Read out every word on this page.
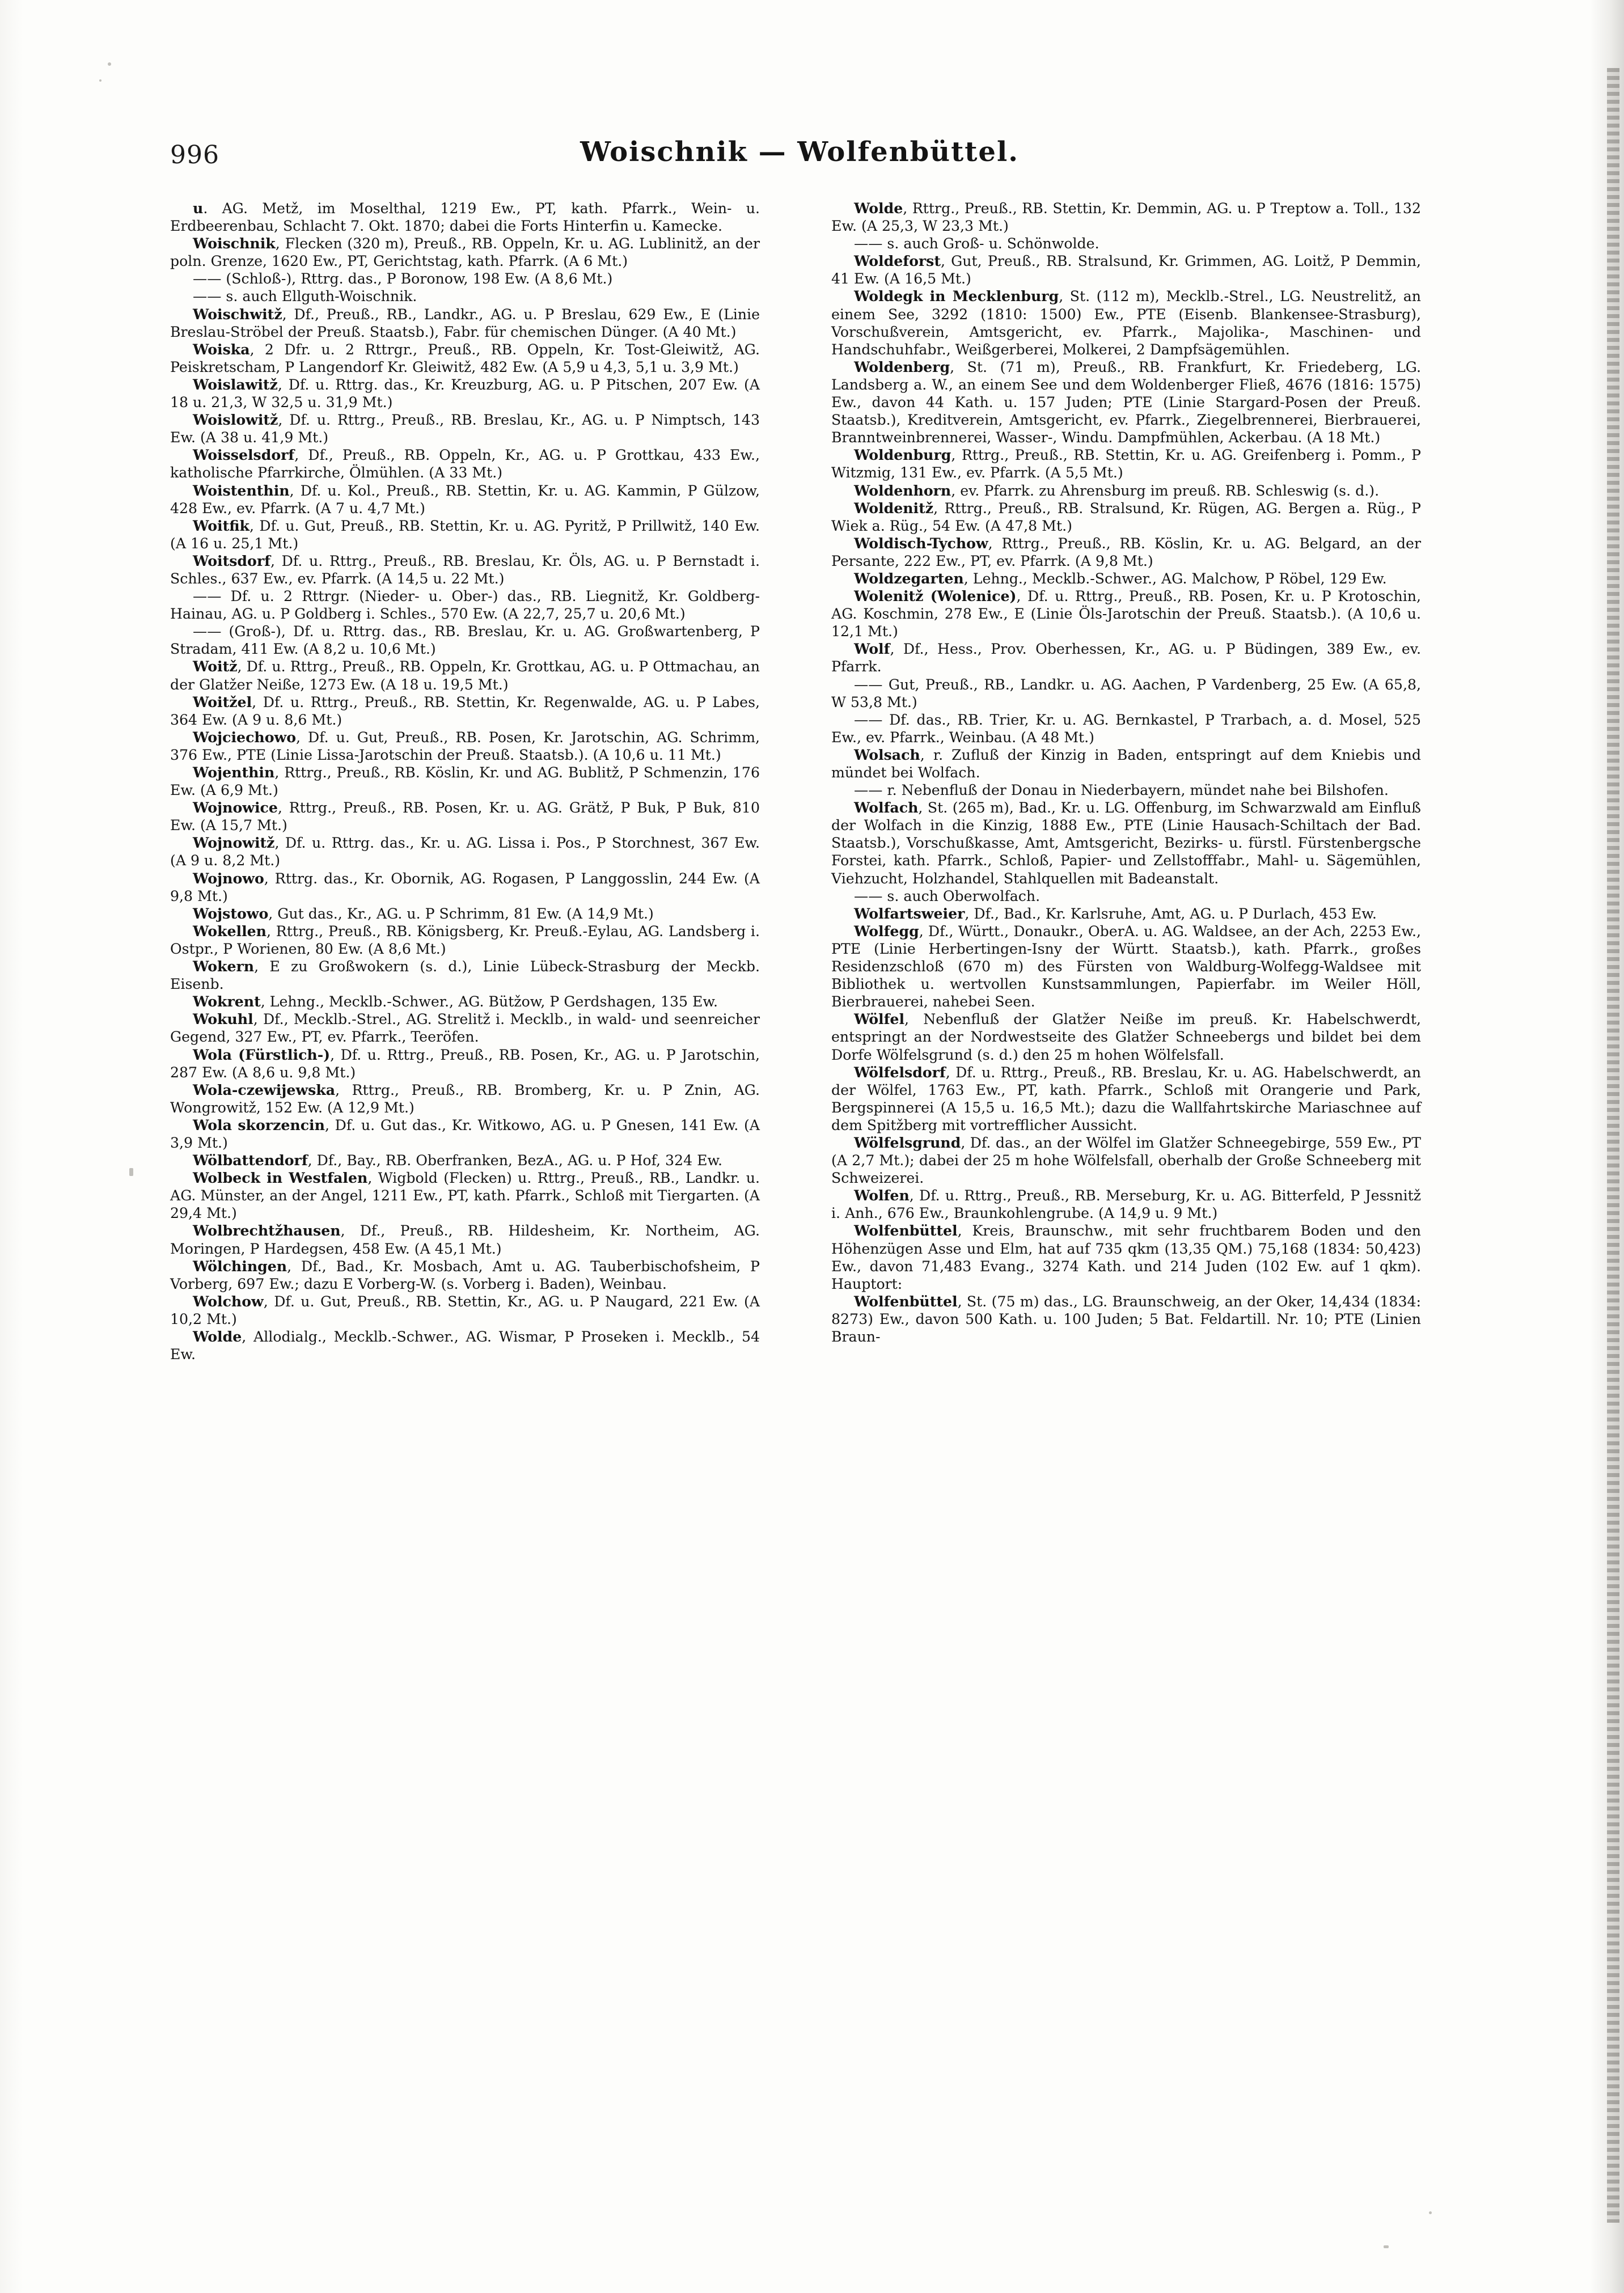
996	Woischnik — Wolfenbüttel.

u. AG. Metž, im Moselthal, 1219 Ew., PT, kath. Pfarrk., Wein- u. Erdbeerenbau, Schlacht 7. Okt. 1870; dabei die Forts Hinterfin u. Kamecke.

Woischnik, Flecken (320 m), Preuß., RB. Oppeln, Kr. u. AG. Lublinitž, an der poln. Grenze, 1620 Ew., PT, Gerichtstag, kath. Pfarrk. (A 6 Mt.)

—— (Schloß-), Rttrg. das., P Boronow, 198 Ew. (A 8,6 Mt.)

—— s. auch Ellguth-Woischnik.

Woischwitž, Df., Preuß., RB., Landkr., AG. u. P Breslau, 629 Ew., E (Linie Breslau-Ströbel der Preuß. Staatsb.), Fabr. für chemischen Dünger. (A 40 Mt.)

Woiska, 2 Dfr. u. 2 Rttrgr., Preuß., RB. Oppeln, Kr. Tost-Gleiwitž, AG. Peiskretscham, P Langendorf Kr. Gleiwitž, 482 Ew. (A 5,9 u 4,3, 5,1 u. 3,9 Mt.)

Woislawitž, Df. u. Rttrg. das., Kr. Kreuzburg, AG. u. P Pitschen, 207 Ew. (A 18 u. 21,3, W 32,5 u. 31,9 Mt.)

Woislowitž, Df. u. Rttrg., Preuß., RB. Breslau, Kr., AG. u. P Nimptsch, 143 Ew. (A 38 u. 41,9 Mt.)

Woisselsdorf, Df., Preuß., RB. Oppeln, Kr., AG. u. P Grottkau, 433 Ew., katholische Pfarrkirche, Ölmühlen. (A 33 Mt.)

Woistenthin, Df. u. Kol., Preuß., RB. Stettin, Kr. u. AG. Kammin, P Gülzow, 428 Ew., ev. Pfarrk. (A 7 u. 4,7 Mt.)

Woitfik, Df. u. Gut, Preuß., RB. Stettin, Kr. u. AG. Pyritž, P Prillwitž, 140 Ew. (A 16 u. 25,1 Mt.)

Woitsdorf, Df. u. Rttrg., Preuß., RB. Breslau, Kr. Öls, AG. u. P Bernstadt i. Schles., 637 Ew., ev. Pfarrk. (A 14,5 u. 22 Mt.)

—— Df. u. 2 Rttrgr. (Nieder- u. Ober-) das., RB. Liegnitž, Kr. Goldberg-Hainau, AG. u. P Goldberg i. Schles., 570 Ew. (A 22,7, 25,7 u. 20,6 Mt.)

—— (Groß-), Df. u. Rttrg. das., RB. Breslau, Kr. u. AG. Großwartenberg, P Stradam, 411 Ew. (A 8,2 u. 10,6 Mt.)

Woitž, Df. u. Rttrg., Preuß., RB. Oppeln, Kr. Grottkau, AG. u. P Ottmachau, an der Glatžer Neiße, 1273 Ew. (A 18 u. 19,5 Mt.)

Woitžel, Df. u. Rttrg., Preuß., RB. Stettin, Kr. Regenwalde, AG. u. P Labes, 364 Ew. (A 9 u. 8,6 Mt.)

Wojciechowo, Df. u. Gut, Preuß., RB. Posen, Kr. Jarotschin, AG. Schrimm, 376 Ew., PTE (Linie Lissa-Jarotschin der Preuß. Staatsb.). (A 10,6 u. 11 Mt.)

Wojenthin, Rttrg., Preuß., RB. Köslin, Kr. und AG. Bublitž, P Schmenzin, 176 Ew. (A 6,9 Mt.)

Wojnowice, Rttrg., Preuß., RB. Posen, Kr. u. AG. Grätž, P Buk, P Buk, 810 Ew. (A 15,7 Mt.)

Wojnowitž, Df. u. Rttrg. das., Kr. u. AG. Lissa i. Pos., P Storchnest, 367 Ew. (A 9 u. 8,2 Mt.)

Wojnowo, Rttrg. das., Kr. Obornik, AG. Rogasen, P Langgosslin, 244 Ew. (A 9,8 Mt.)

Wojstowo, Gut das., Kr., AG. u. P Schrimm, 81 Ew. (A 14,9 Mt.)

Wokellen, Rttrg., Preuß., RB. Königsberg, Kr. Preuß.-Eylau, AG. Landsberg i. Ostpr., P Worienen, 80 Ew. (A 8,6 Mt.)

Wokern, E zu Großwokern (s. d.), Linie Lübeck-Strasburg der Meckb. Eisenb.

Wokrent, Lehng., Mecklb.-Schwer., AG. Bütžow, P Gerdshagen, 135 Ew.

Wokuhl, Df., Mecklb.-Strel., AG. Strelitž i. Mecklb., in wald- und seenreicher Gegend, 327 Ew., PT, ev. Pfarrk., Teeröfen.

Wola (Fürstlich-), Df. u. Rttrg., Preuß., RB. Posen, Kr., AG. u. P Jarotschin, 287 Ew. (A 8,6 u. 9,8 Mt.)

Wola-czewijewska, Rttrg., Preuß., RB. Bromberg, Kr. u. P Znin, AG. Wongrowitž, 152 Ew. (A 12,9 Mt.)

Wola skorzencin, Df. u. Gut das., Kr. Witkowo, AG. u. P Gnesen, 141 Ew. (A 3,9 Mt.)

Wölbattendorf, Df., Bay., RB. Oberfranken, BezA., AG. u. P Hof, 324 Ew.

Wolbeck in Westfalen, Wigbold (Flecken) u. Rttrg., Preuß., RB., Landkr. u. AG. Münster, an der Angel, 1211 Ew., PT, kath. Pfarrk., Schloß mit Tiergarten. (A 29,4 Mt.)

Wolbrechtžhausen, Df., Preuß., RB. Hildesheim, Kr. Northeim, AG. Moringen, P Hardegsen, 458 Ew. (A 45,1 Mt.)

Wölchingen, Df., Bad., Kr. Mosbach, Amt u. AG. Tauberbischofsheim, P Vorberg, 697 Ew.; dazu E Vorberg-W. (s. Vorberg i. Baden), Weinbau.

Wolchow, Df. u. Gut, Preuß., RB. Stettin, Kr., AG. u. P Naugard, 221 Ew. (A 10,2 Mt.)

Wolde, Allodialg., Mecklb.-Schwer., AG. Wismar, P Proseken i. Mecklb., 54 Ew.

Wolde, Rttrg., Preuß., RB. Stettin, Kr. Demmin, AG. u. P Treptow a. Toll., 132 Ew. (A 25,3, W 23,3 Mt.)

—— s. auch Groß- u. Schönwolde.

Woldeforst, Gut, Preuß., RB. Stralsund, Kr. Grimmen, AG. Loitž, P Demmin, 41 Ew. (A 16,5 Mt.)

Woldegk in Mecklenburg, St. (112 m), Mecklb.-Strel., LG. Neustrelitž, an einem See, 3292 (1810: 1500) Ew., PTE (Eisenb. Blankensee-Strasburg), Vorschußverein, Amtsgericht, ev. Pfarrk., Majolika-, Maschinen- und Handschuhfabr., Weißgerberei, Molkerei, 2 Dampfsägemühlen.

Woldenberg, St. (71 m), Preuß., RB. Frankfurt, Kr. Friedeberg, LG. Landsberg a. W., an einem See und dem Woldenberger Fließ, 4676 (1816: 1575) Ew., davon 44 Kath. u. 157 Juden; PTE (Linie Stargard-Posen der Preuß. Staatsb.), Kreditverein, Amtsgericht, ev. Pfarrk., Ziegelbrennerei, Bierbrauerei, Branntweinbrennerei, Wasser-, Windu. Dampfmühlen, Ackerbau. (A 18 Mt.)

Woldenburg, Rttrg., Preuß., RB. Stettin, Kr. u. AG. Greifenberg i. Pomm., P Witzmig, 131 Ew., ev. Pfarrk. (A 5,5 Mt.)

Woldenhorn, ev. Pfarrk. zu Ahrensburg im preuß. RB. Schleswig (s. d.).

Woldenitž, Rttrg., Preuß., RB. Stralsund, Kr. Rügen, AG. Bergen a. Rüg., P Wiek a. Rüg., 54 Ew. (A 47,8 Mt.)

Woldisch-Tychow, Rttrg., Preuß., RB. Köslin, Kr. u. AG. Belgard, an der Persante, 222 Ew., PT, ev. Pfarrk. (A 9,8 Mt.)

Woldzegarten, Lehng., Mecklb.-Schwer., AG. Malchow, P Röbel, 129 Ew.

Wolenitž (Wolenice), Df. u. Rttrg., Preuß., RB. Posen, Kr. u. P Krotoschin, AG. Koschmin, 278 Ew., E (Linie Öls-Jarotschin der Preuß. Staatsb.). (A 10,6 u. 12,1 Mt.)

Wolf, Df., Hess., Prov. Oberhessen, Kr., AG. u. P Büdingen, 389 Ew., ev. Pfarrk.

—— Gut, Preuß., RB., Landkr. u. AG. Aachen, P Vardenberg, 25 Ew. (A 65,8, W 53,8 Mt.)

—— Df. das., RB. Trier, Kr. u. AG. Bernkastel, P Trarbach, a. d. Mosel, 525 Ew., ev. Pfarrk., Weinbau. (A 48 Mt.)

Wolsach, r. Zufluß der Kinzig in Baden, entspringt auf dem Kniebis und mündet bei Wolfach.

—— r. Nebenfluß der Donau in Niederbayern, mündet nahe bei Bilshofen.

Wolfach, St. (265 m), Bad., Kr. u. LG. Offenburg, im Schwarzwald am Einfluß der Wolfach in die Kinzig, 1888 Ew., PTE (Linie Hausach-Schiltach der Bad. Staatsb.), Vorschußkasse, Amt, Amtsgericht, Bezirks- u. fürstl. Fürstenbergsche Forstei, kath. Pfarrk., Schloß, Papier- und Zellstofffabr., Mahl- u. Sägemühlen, Viehzucht, Holzhandel, Stahlquellen mit Badeanstalt.

—— s. auch Oberwolfach.

Wolfartsweier, Df., Bad., Kr. Karlsruhe, Amt, AG. u. P Durlach, 453 Ew.

Wolfegg, Df., Württ., Donaukr., OberA. u. AG. Waldsee, an der Ach, 2253 Ew., PTE (Linie Herbertingen-Isny der Württ. Staatsb.), kath. Pfarrk., großes Residenzschloß (670 m) des Fürsten von Waldburg-Wolfegg-Waldsee mit Bibliothek u. wertvollen Kunstsammlungen, Papierfabr. im Weiler Höll, Bierbrauerei, nahebei Seen.

Wölfel, Nebenfluß der Glatžer Neiße im preuß. Kr. Habelschwerdt, entspringt an der Nordwestseite des Glatžer Schneebergs und bildet bei dem Dorfe Wölfelsgrund (s. d.) den 25 m hohen Wölfelsfall.

Wölfelsdorf, Df. u. Rttrg., Preuß., RB. Breslau, Kr. u. AG. Habelschwerdt, an der Wölfel, 1763 Ew., PT, kath. Pfarrk., Schloß mit Orangerie und Park, Bergspinnerei (A 15,5 u. 16,5 Mt.); dazu die Wallfahrtskirche Mariaschnee auf dem Spitžberg mit vortrefflicher Aussicht.

Wölfelsgrund, Df. das., an der Wölfel im Glatžer Schneegebirge, 559 Ew., PT (A 2,7 Mt.); dabei der 25 m hohe Wölfelsfall, oberhalb der Große Schneeberg mit Schweizerei.

Wolfen, Df. u. Rttrg., Preuß., RB. Merseburg, Kr. u. AG. Bitterfeld, P Jessnitž i. Anh., 676 Ew., Braunkohlengrube. (A 14,9 u. 9 Mt.)

Wolfenbüttel, Kreis, Braunschw., mit sehr fruchtbarem Boden und den Höhenzügen Asse und Elm, hat auf 735 qkm (13,35 QM.) 75,168 (1834: 50,423) Ew., davon 71,483 Evang., 3274 Kath. und 214 Juden (102 Ew. auf 1 qkm). Hauptort:

Wolfenbüttel, St. (75 m) das., LG. Braunschweig, an der Oker, 14,434 (1834: 8273) Ew., davon 500 Kath. u. 100 Juden; 5 Bat. Feldartill. Nr. 10; PTE (Linien Braun-
